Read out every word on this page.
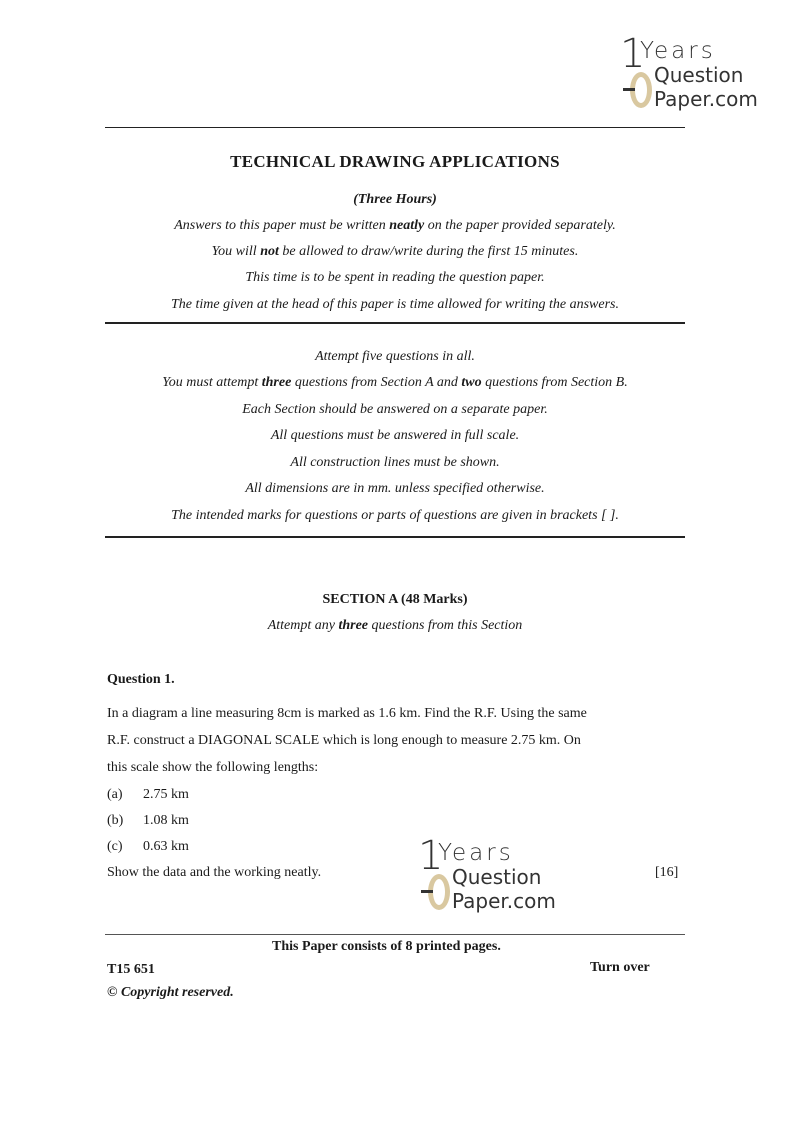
1
Years
Question
Paper.com
TECHNICAL DRAWING APPLICATIONS
(Three Hours)
Answers to this paper must be written neatly on the paper provided separately.
You will not be allowed to draw/write during the first 15 minutes.
This time is to be spent in reading the question paper.
The time given at the head of this paper is time allowed for writing the answers.
Attempt five questions in all.
You must attempt three questions from Section A and two questions from Section B.
Each Section should be answered on a separate paper.
All questions must be answered in full scale.
All construction lines must be shown.
All dimensions are in mm. unless specified otherwise.
The intended marks for questions or parts of questions are given in brackets [ ].
SECTION A (48 Marks)
Attempt any three questions from this Section
Question 1.
In a diagram a line measuring 8cm is marked as 1.6 km. Find the R.F. Using the same
R.F. construct a DIAGONAL SCALE which is long enough to measure 2.75 km. On
this scale show the following lengths:
(a) 2.75 km
(b) 1.08 km
(c) 0.63 km
Show the data and the working neatly.	[16]
1
Years
Question
Paper.com
This Paper consists of 8 printed pages.
T15 651	Turn over
© Copyright reserved.
